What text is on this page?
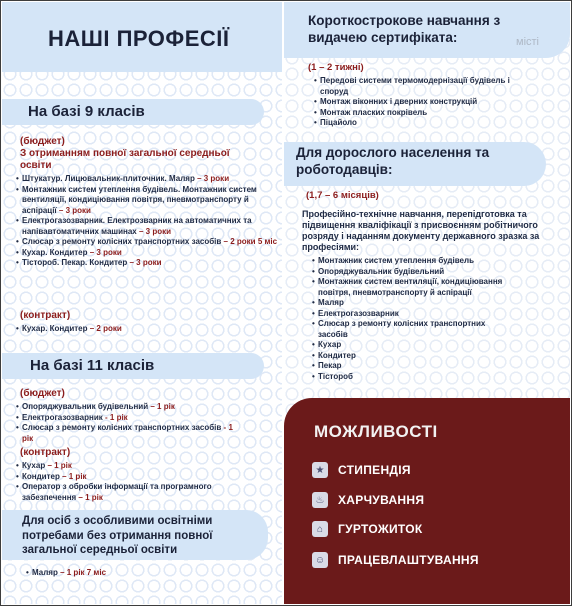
НАШІ ПРОФЕСІЇ
На базі 9 класів
(бюджет)
З отриманням повної загальної середньої освіти
• Штукатур. Лицювальник-плиточник. Маляр – 3 роки
• Монтажник систем утеплення будівель. Монтажник систем вентиляції, кондиціювання повітря, пневмотранспорту й аспірації – 3 роки
• Електрогазозварник. Електрозварник на автоматичних та напівавтоматичних машинах – 3 роки
• Слюсар з ремонту колісних транспортних засобів – 2 роки 5 міс
• Кухар. Кондитер – 3 роки
• Тістороб. Пекар. Кондитер – 3 роки
(контракт)
• Кухар. Кондитер – 2 роки
На базі 11 класів
(бюджет)
• Опоряджувальник будівельний – 1 рік
• Електрогазозварник - 1 рік
• Слюсар з ремонту колісних транспортних засобів - 1 рік
(контракт)
• Кухар – 1 рік
• Кондитер – 1 рік
• Оператор з обробки інформації та програмного забезпечення – 1 рік
Для осіб з особливими освітніми потребами без отримання повної загальної середньої освіти
• Маляр – 1 рік 7 міс
Короткострокове навчання з видачею сертифіката:	місті
(1 – 2 тижні)
• Передові системи термомодернізації будівель і споруд
• Монтаж віконних і дверних конструкцій
• Монтаж пласких покрівель
• Піцайоло
Для дорослого населення та роботодавців:
(1,7 – 6 місяців)
Професійно-технічне навчання, перепідготовка та підвищення кваліфікації з присвоєнням робітничого розряду і наданням документу державного зразка за професіями:
• Монтажник систем утеплення будівель
• Опоряджувальник будівельний
• Монтажник систем вентиляції, кондиціювання повітря, пневмотранспорту й аспірації
• Маляр
• Електрогазозварник
• Слюсар з ремонту колісних транспортних засобів
• Кухар
• Кондитер
• Пекар
• Тістороб
МОЖЛИВОСТІ
★ СТИПЕНДІЯ
♨ ХАРЧУВАННЯ
⌂	ГУРТОЖИТОК
☺ ПРАЦЕВЛАШТУВАННЯ
